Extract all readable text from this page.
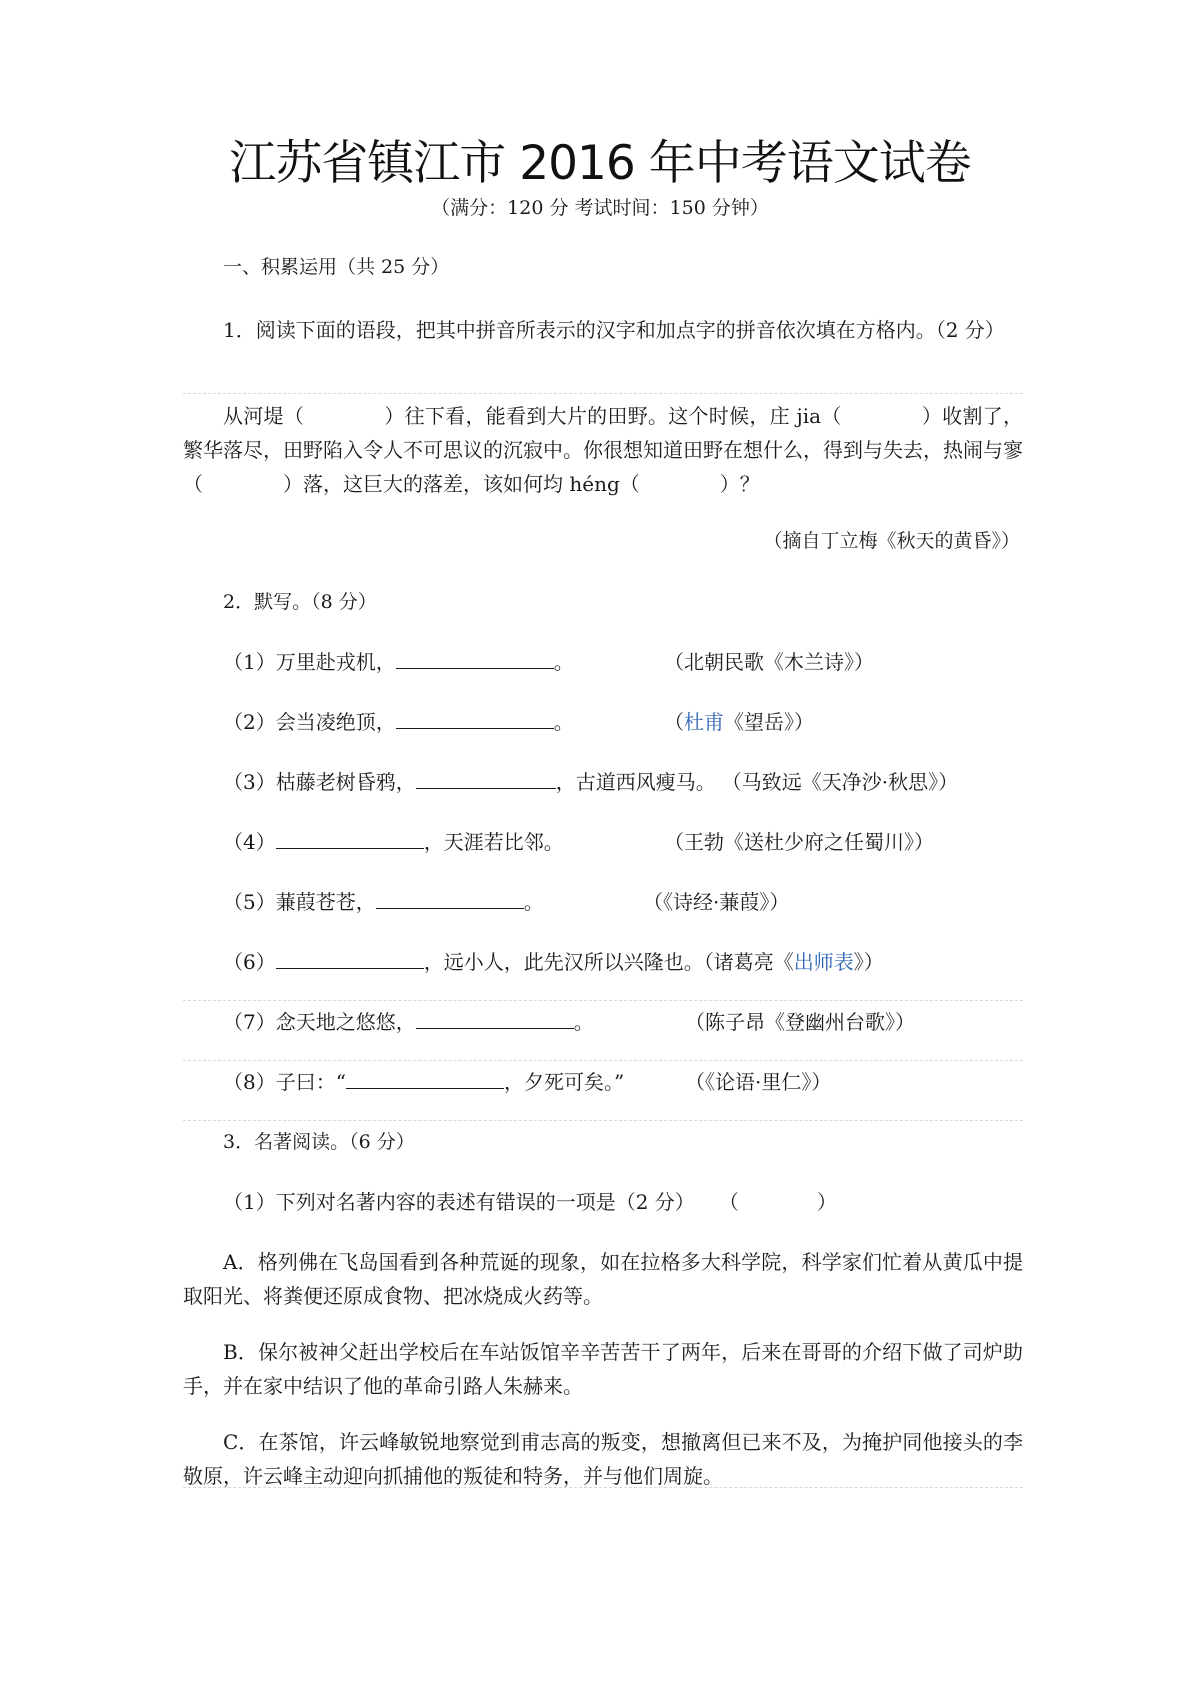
江苏省镇江市 2016 年中考语文试卷
（满分：120 分 考试时间：150 分钟）
一、积累运用（共 25 分）
1．阅读下面的语段，把其中拼音所表示的汉字和加点字的拼音依次填在方格内。（2 分）
从河堤（	）往下看，能看到大片的田野。这个时候，庄 jia（	）收割了，繁华落尽，田野陷入令人不可思议的沉寂中。你很想知道田野在想什么，得到与失去，热闹与寥（	）落，这巨大的落差，该如何均 héng（	）？
（摘自丁立梅《秋天的黄昏》）
2．默写。（8 分）
（1）万里赴戎机，	。	（北朝民歌《木兰诗》）
（2）会当凌绝顶，	。	（杜甫《望岳》）
（3）枯藤老树昏鸦，	，古道西风瘦马。 （马致远《天净沙·秋思》）
（4）	，天涯若比邻。	（王勃《送杜少府之任蜀川》）
（5）蒹葭苍苍，	。	（《诗经·蒹葭》）
（6）	，远小人，此先汉所以兴隆也。（诸葛亮《出师表》）
（7）念天地之悠悠，	。	（陈子昂《登幽州台歌》）
（8）子曰：“	，夕死可矣。”	（《论语·里仁》）
3．名著阅读。（6 分）
（1）下列对名著内容的表述有错误的一项是（2 分） （	）
A．格列佛在飞岛国看到各种荒诞的现象，如在拉格多大科学院，科学家们忙着从黄瓜中提取阳光、将粪便还原成食物、把冰烧成火药等。
B．保尔被神父赶出学校后在车站饭馆辛辛苦苦干了两年，后来在哥哥的介绍下做了司炉助手，并在家中结识了他的革命引路人朱赫来。
C．在茶馆，许云峰敏锐地察觉到甫志高的叛变，想撤离但已来不及，为掩护同他接头的李敬原，许云峰主动迎向抓捕他的叛徒和特务，并与他们周旋。
